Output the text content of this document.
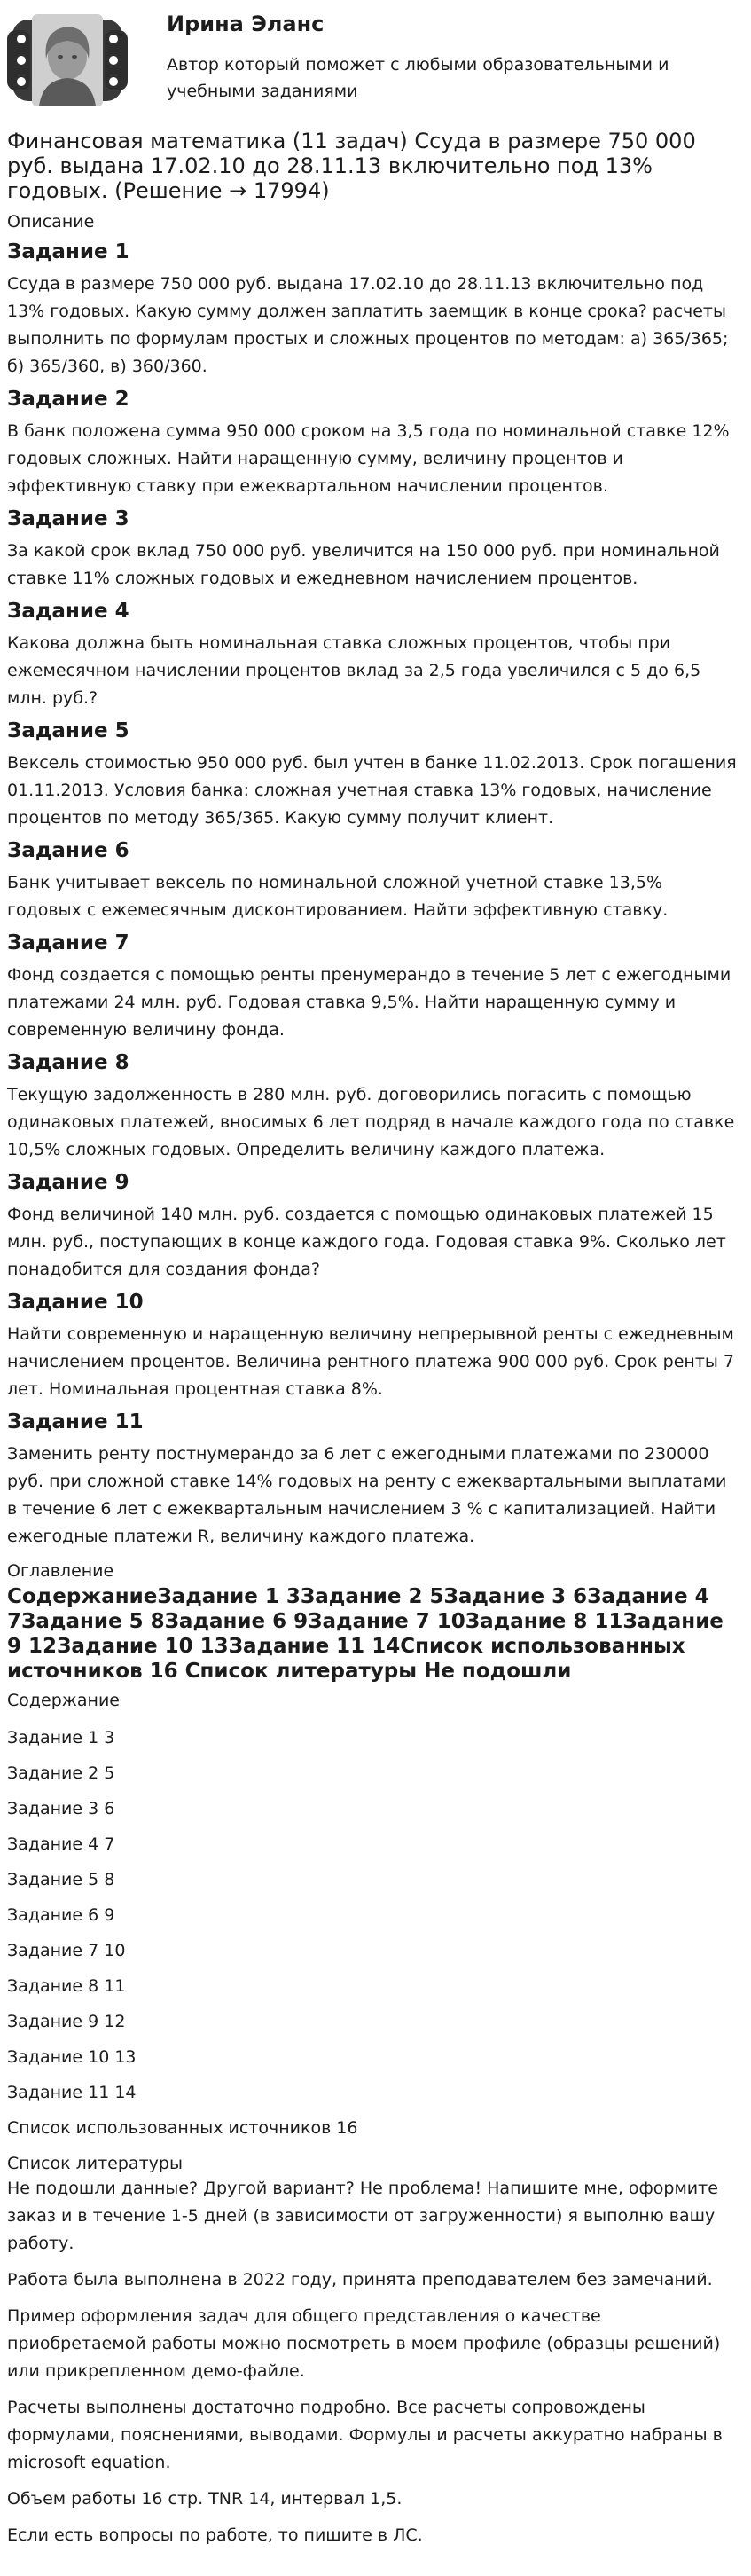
Ирина Эланс
Автор который поможет с любыми образовательными и учебными заданиями
Финансовая математика (11 задач) Ссуда в размере 750 000 руб. выдана 17.02.10 до 28.11.13 включительно под 13% годовых. (Решение → 17994)
Описание
Задание 1
Ссуда в размере 750 000 руб. выдана 17.02.10 до 28.11.13 включительно под 13% годовых. Какую сумму должен заплатить заемщик в конце срока? расчеты выполнить по формулам простых и сложных процентов по методам: а) 365/365; б) 365/360, в) 360/360.
Задание 2
В банк положена сумма 950 000 сроком на 3,5 года по номинальной ставке 12% годовых сложных. Найти наращенную сумму, величину процентов и эффективную ставку при ежеквартальном начислении процентов.
Задание 3
За какой срок вклад 750 000 руб. увеличится на 150 000 руб. при номинальной ставке 11% сложных годовых и ежедневном начислением процентов.
Задание 4
Какова должна быть номинальная ставка сложных процентов, чтобы при ежемесячном начислении процентов вклад за 2,5 года увеличился с 5 до 6,5 млн. руб.?
Задание 5
Вексель стоимостью 950 000 руб. был учтен в банке 11.02.2013. Срок погашения 01.11.2013. Условия банка: сложная учетная ставка 13% годовых, начисление процентов по методу 365/365. Какую сумму получит клиент.
Задание 6
Банк учитывает вексель по номинальной сложной учетной ставке 13,5% годовых с ежемесячным дисконтированием. Найти эффективную ставку.
Задание 7
Фонд создается с помощью ренты пренумерандо в течение 5 лет с ежегодными платежами 24 млн. руб. Годовая ставка 9,5%. Найти наращенную сумму и современную величину фонда.
Задание 8
Текущую задолженность в 280 млн. руб. договорились погасить с помощью одинаковых платежей, вносимых 6 лет подряд в начале каждого года по ставке 10,5% сложных годовых. Определить величину каждого платежа.
Задание 9
Фонд величиной 140 млн. руб. создается с помощью одинаковых платежей 15 млн. руб., поступающих в конце каждого года. Годовая ставка 9%. Сколько лет понадобится для создания фонда?
Задание 10
Найти современную и наращенную величину непрерывной ренты с ежедневным начислением процентов. Величина рентного платежа 900 000 руб. Срок ренты 7 лет. Номинальная процентная ставка 8%.
Задание 11
Заменить ренту постнумерандо за 6 лет с ежегодными платежами по 230000 руб. при сложной ставке 14% годовых на ренту с ежеквартальными выплатами в течение 6 лет с ежеквартальным начислением 3 % с капитализацией. Найти ежегодные платежи R, величину каждого платежа.
Оглавление
СодержаниеЗадание 1 3Задание 2 5Задание 3 6Задание 4 7Задание 5 8Задание 6 9Задание 7 10Задание 8 11Задание 9 12Задание 10 13Задание 11 14Список использованных источников 16 Список литературы Не подошли
Содержание
Задание 1 3
Задание 2 5
Задание 3 6
Задание 4 7
Задание 5 8
Задание 6 9
Задание 7 10
Задание 8 11
Задание 9 12
Задание 10 13
Задание 11 14
Список использованных источников 16
Список литературы

Не подошли данные? Другой вариант? Не проблема! Напишите мне, оформите заказ и в течение 1-5 дней (в зависимости от загруженности) я выполню вашу работу.

Работа была выполнена в 2022 году, принята преподавателем без замечаний.

Пример оформления задач для общего представления о качестве приобретаемой работы можно посмотреть в моем профиле (образцы решений) или прикрепленном демо-файле.

Расчеты выполнены достаточно подробно. Все расчеты сопровождены формулами, пояснениями, выводами. Формулы и расчеты аккуратно набраны в microsoft equation.

Объем работы 16 стр. TNR 14, интервал 1,5.

Если есть вопросы по работе, то пишите в ЛС.
